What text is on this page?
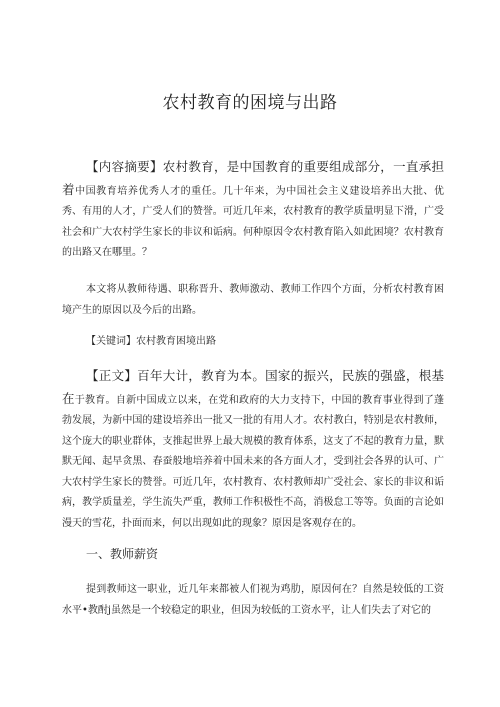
农村教育的困境与出路

【内容摘要】农村教育，是中国教育的重要组成部分，一直承担着中国教育培养优秀人才的重任。几十年来，为中国社会主义建设培养出大批、优秀、有用的人才，广受人们的赞誉。可近几年来，农村教育的教学质量明显下滑，广受社会和广大农村学生家长的非议和诟病。何种原因令农村教育陷入如此困境？农村教育的出路又在哪里。？

本文将从教师待遇、职称晋升、教师激动、教师工作四个方面，分析农村教育困境产生的原因以及今后的出路。

【关键词】农村教育困境出路

【正文】百年大计，教育为本。国家的振兴，民族的强盛，根基在于教育。自新中国成立以来，在党和政府的大力支持下，中国的教育事业得到了蓬勃发展，为新中国的建设培养出一批又一批的有用人才。农村教白，特别是农村教师，这个庞大的职业群体，支推起世界上最大规模的教育体系，这支了不起的教育力量，默默无闻、起早贪黑、春蚕般地培养着中国未来的各方面人才，受到社会各界的认可、广大农村学生家长的赞誉。可近几年，农村教育、农村教师却广受社会、家长的非议和诟病，教学质量差，学生流失严重，教师工作积极性不高，消极怠工等等。负面的言论如漫天的雪花，扑面而来，何以出现如此的现象？原因是客观存在的。

一、教师薪资

提到教师这一职业，近几年来都被人们视为鸡肋，原因何在？自然是较低的工资水平•教酎j虽然是一个较稳定的职业，但因为较低的工资水平，让人们失去了对它的
